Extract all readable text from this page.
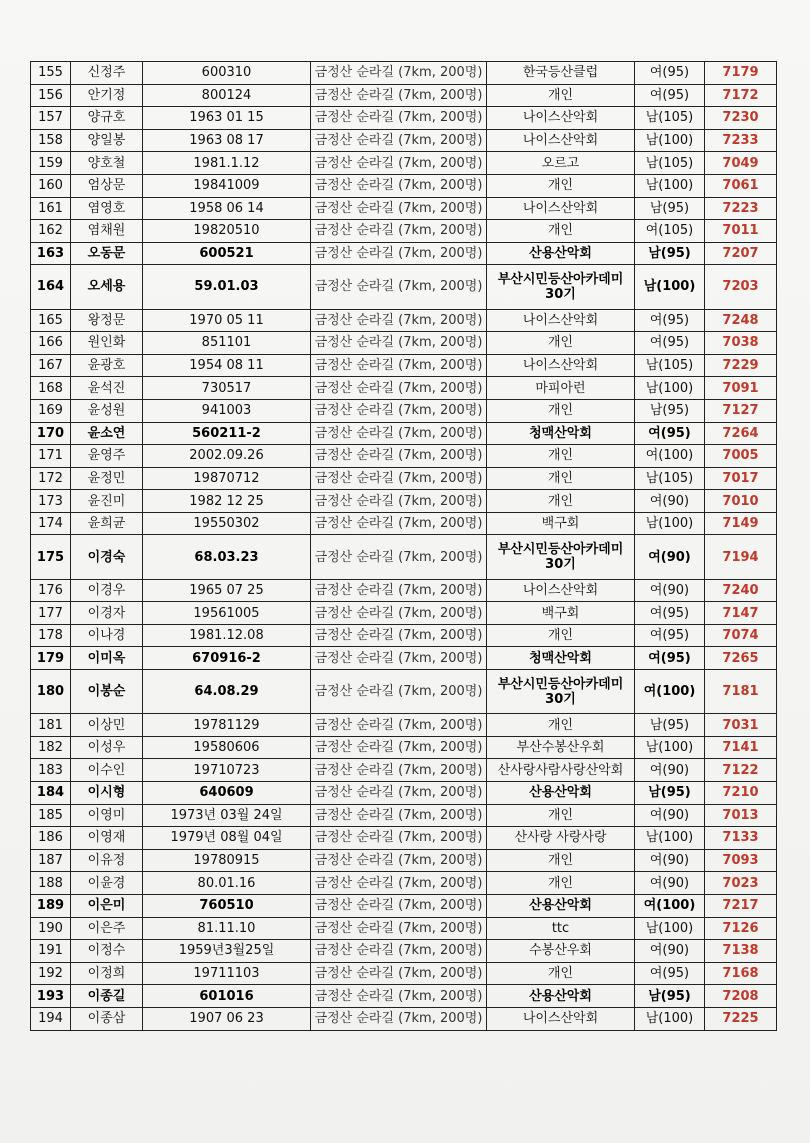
155	신정주	600310	금정산 순라길 (7km, 200명)	한국등산클럽	여(95)	7179
156	안기정	800124	금정산 순라길 (7km, 200명)	개인	여(95)	7172
157	양규호	1963 01 15	금정산 순라길 (7km, 200명)	나이스산악회	남(105)	7230
158	양일봉	1963 08 17	금정산 순라길 (7km, 200명)	나이스산악회	남(100)	7233
159	양호철	1981.1.12	금정산 순라길 (7km, 200명)	오르고	남(105)	7049
160	엄상문	19841009	금정산 순라길 (7km, 200명)	개인	남(100)	7061
161	염영호	1958 06 14	금정산 순라길 (7km, 200명)	나이스산악회	남(95)	7223
162	염채원	19820510	금정산 순라길 (7km, 200명)	개인	여(105)	7011
163	오동문	600521	금정산 순라길 (7km, 200명)	산용산악회	남(95)	7207
164	오세용	59.01.03	금정산 순라길 (7km, 200명)	부산시민등산아카데미 30기	남(100)	7203
165	왕정문	1970 05 11	금정산 순라길 (7km, 200명)	나이스산악회	여(95)	7248
166	원인화	851101	금정산 순라길 (7km, 200명)	개인	여(95)	7038
167	윤광호	1954 08 11	금정산 순라길 (7km, 200명)	나이스산악회	남(105)	7229
168	윤석진	730517	금정산 순라길 (7km, 200명)	마피아런	남(100)	7091
169	윤성원	941003	금정산 순라길 (7km, 200명)	개인	남(95)	7127
170	윤소연	560211-2	금정산 순라길 (7km, 200명)	청맥산악회	여(95)	7264
171	윤영주	2002.09.26	금정산 순라길 (7km, 200명)	개인	여(100)	7005
172	윤정민	19870712	금정산 순라길 (7km, 200명)	개인	남(105)	7017
173	윤진미	1982 12 25	금정산 순라길 (7km, 200명)	개인	여(90)	7010
174	윤희균	19550302	금정산 순라길 (7km, 200명)	백구회	남(100)	7149
175	이경숙	68.03.23	금정산 순라길 (7km, 200명)	부산시민등산아카데미 30기	여(90)	7194
176	이경우	1965 07 25	금정산 순라길 (7km, 200명)	나이스산악회	여(90)	7240
177	이경자	19561005	금정산 순라길 (7km, 200명)	백구회	여(95)	7147
178	이나경	1981.12.08	금정산 순라길 (7km, 200명)	개인	여(95)	7074
179	이미옥	670916-2	금정산 순라길 (7km, 200명)	청맥산악회	여(95)	7265
180	이봉순	64.08.29	금정산 순라길 (7km, 200명)	부산시민등산아카데미 30기	여(100)	7181
181	이상민	19781129	금정산 순라길 (7km, 200명)	개인	남(95)	7031
182	이성우	19580606	금정산 순라길 (7km, 200명)	부산수봉산우회	남(100)	7141
183	이수인	19710723	금정산 순라길 (7km, 200명)	산사랑사람사랑산악회	여(90)	7122
184	이시형	640609	금정산 순라길 (7km, 200명)	산용산악회	남(95)	7210
185	이영미	1973년 03월 24일	금정산 순라길 (7km, 200명)	개인	여(90)	7013
186	이영재	1979년 08월 04일	금정산 순라길 (7km, 200명)	산사랑 사랑사랑	남(100)	7133
187	이유정	19780915	금정산 순라길 (7km, 200명)	개인	여(90)	7093
188	이윤경	80.01.16	금정산 순라길 (7km, 200명)	개인	여(90)	7023
189	이은미	760510	금정산 순라길 (7km, 200명)	산용산악회	여(100)	7217
190	이은주	81.11.10	금정산 순라길 (7km, 200명)	ttc	남(100)	7126
191	이정수	1959년3월25일	금정산 순라길 (7km, 200명)	수봉산우회	여(90)	7138
192	이정희	19711103	금정산 순라길 (7km, 200명)	개인	여(95)	7168
193	이종길	601016	금정산 순라길 (7km, 200명)	산용산악회	남(95)	7208
194	이종삼	1907 06 23	금정산 순라길 (7km, 200명)	나이스산악회	남(100)	7225
